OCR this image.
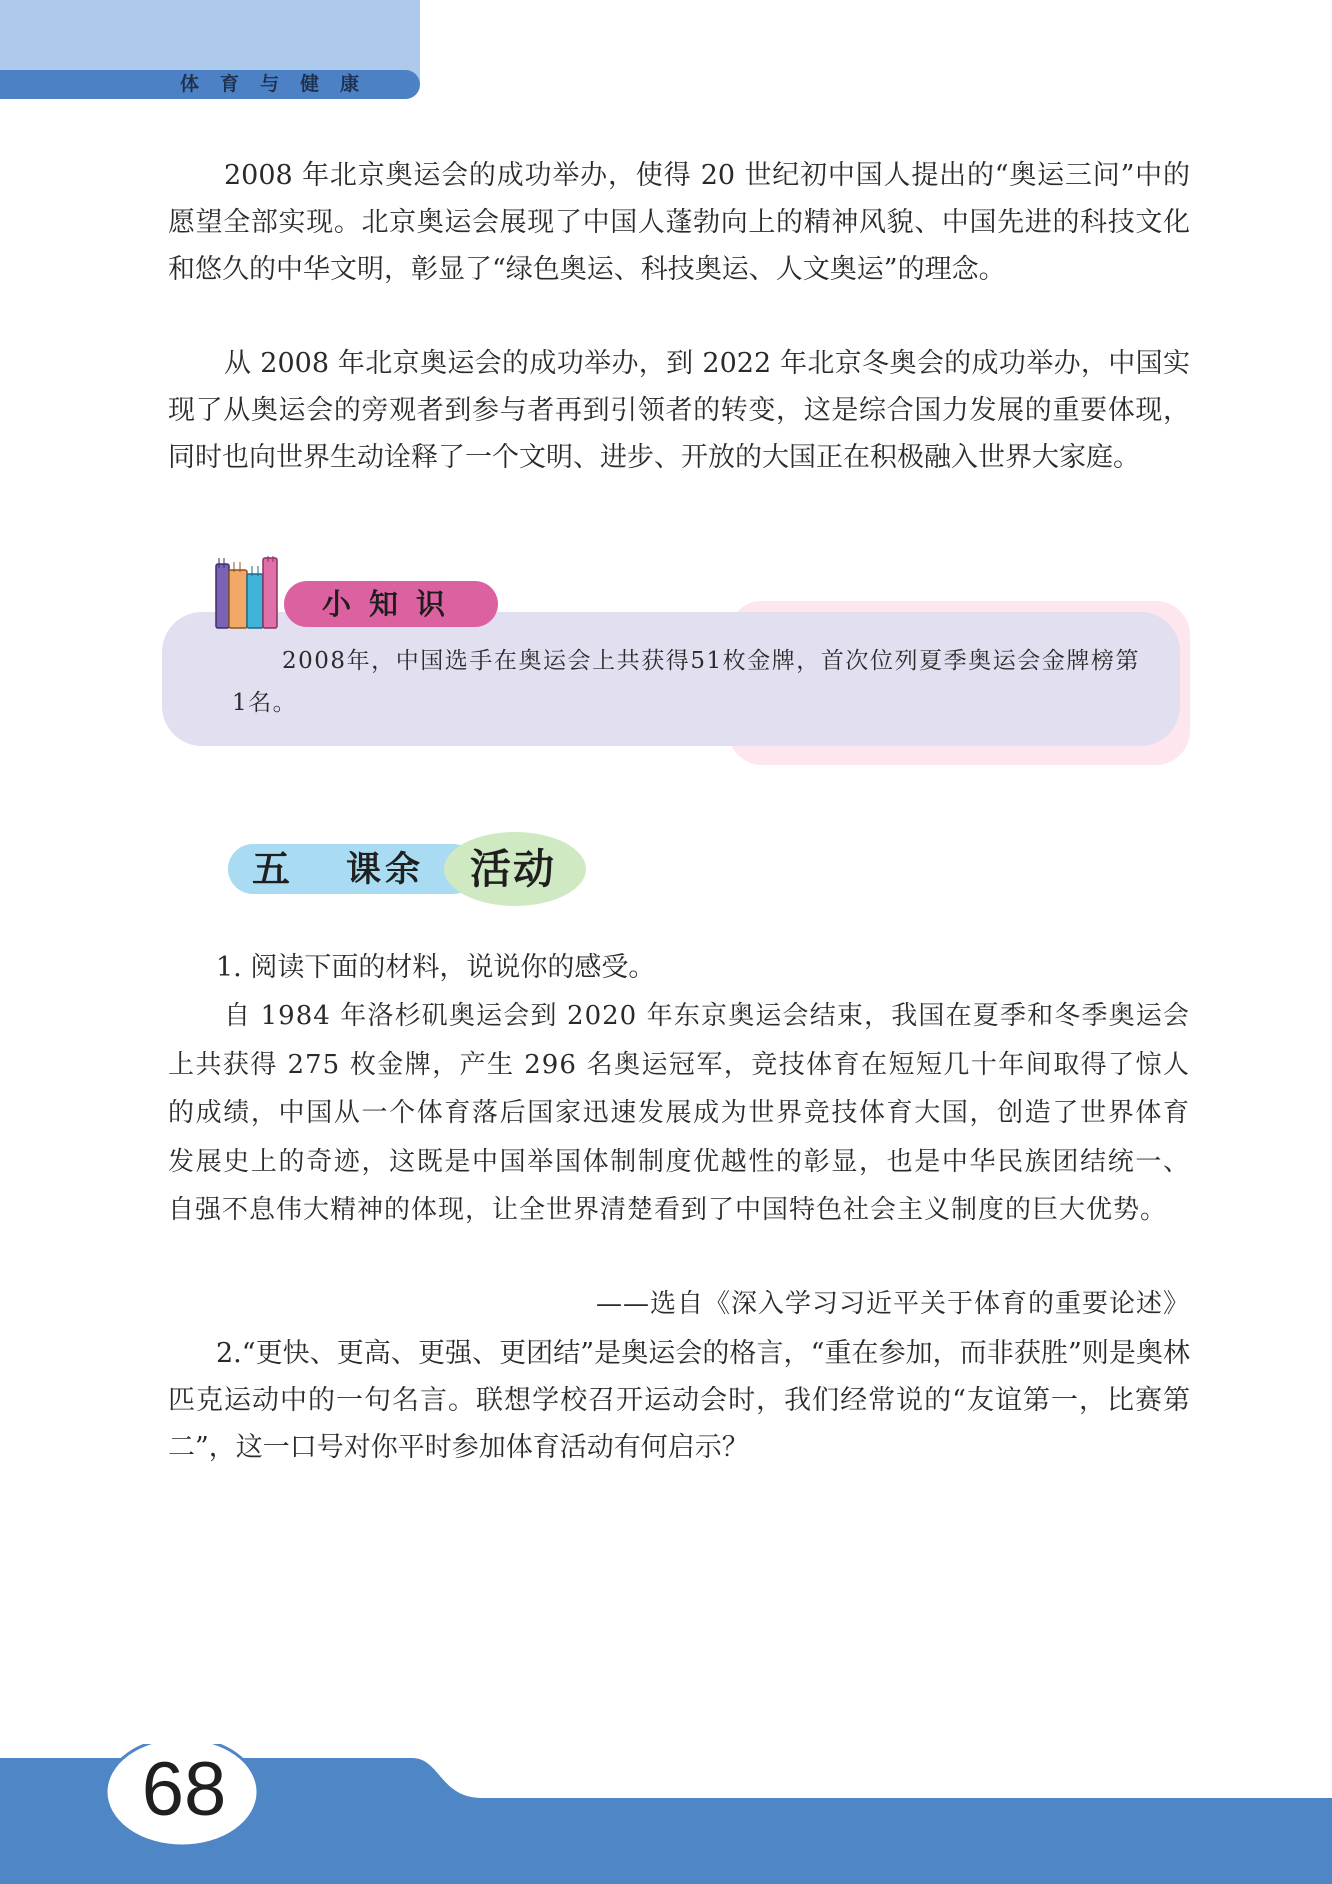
体育与健康

2008 年北京奥运会的成功举办，使得 20 世纪初中国人提出的“奥运三问”中的愿望全部实现。北京奥运会展现了中国人蓬勃向上的精神风貌、中国先进的科技文化和悠久的中华文明，彰显了“绿色奥运、科技奥运、人文奥运”的理念。

从 2008 年北京奥运会的成功举办，到 2022 年北京冬奥会的成功举办，中国实现了从奥运会的旁观者到参与者再到引领者的转变，这是综合国力发展的重要体现，同时也向世界生动诠释了一个文明、进步、开放的大国正在积极融入世界大家庭。

小知识

2008年，中国选手在奥运会上共获得51枚金牌，首次位列夏季奥运会金牌榜第1名。

五 课余 活动

1. 阅读下面的材料，说说你的感受。

自 1984 年洛杉矶奥运会到 2020 年东京奥运会结束，我国在夏季和冬季奥运会上共获得 275 枚金牌，产生 296 名奥运冠军，竞技体育在短短几十年间取得了惊人的成绩，中国从一个体育落后国家迅速发展成为世界竞技体育大国，创造了世界体育发展史上的奇迹，这既是中国举国体制制度优越性的彰显，也是中华民族团结统一、自强不息伟大精神的体现，让全世界清楚看到了中国特色社会主义制度的巨大优势。

——选自《深入学习习近平关于体育的重要论述》

2.“更快、更高、更强、更团结”是奥运会的格言，“重在参加，而非获胜”则是奥林匹克运动中的一句名言。联想学校召开运动会时，我们经常说的“友谊第一，比赛第二”，这一口号对你平时参加体育活动有何启示？

68
